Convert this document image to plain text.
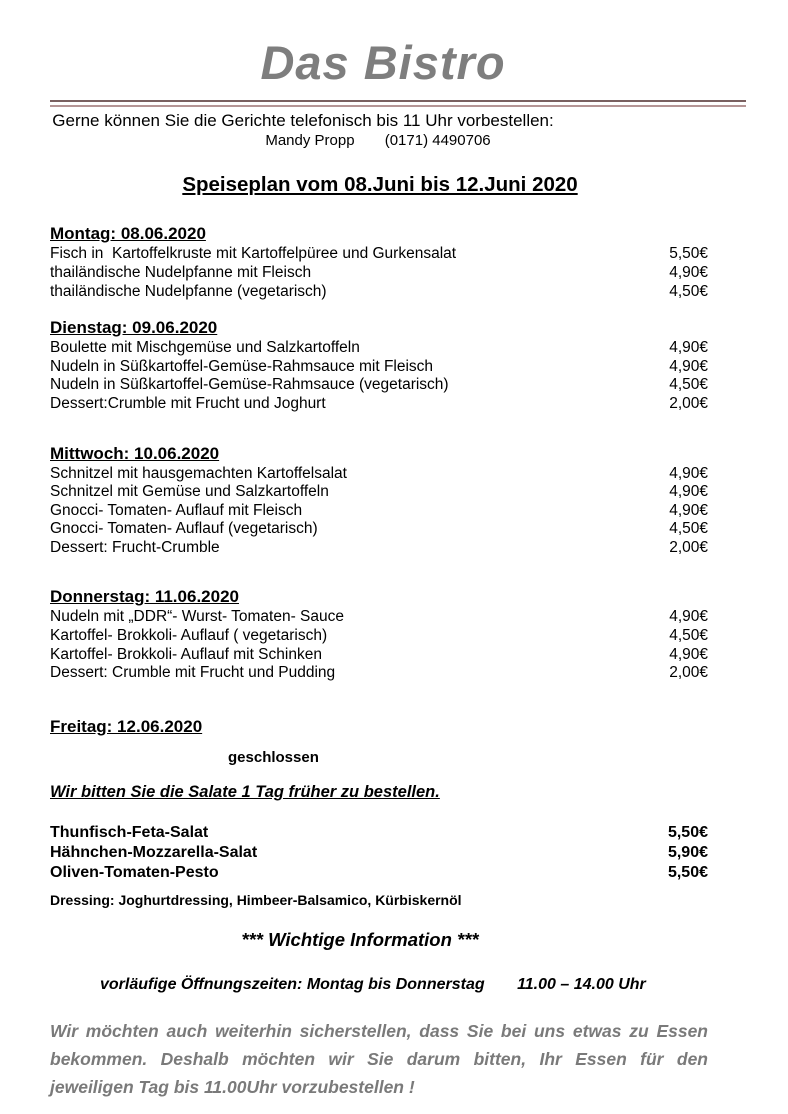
Das Bistro
Gerne können Sie die Gerichte telefonisch bis 11 Uhr vorbestellen:
Mandy Propp (0171) 4490706
Speiseplan vom 08.Juni bis 12.Juni 2020
Montag: 08.06.2020
Fisch in  Kartoffelkruste mit Kartoffelpüree und Gurkensalat	5,50€
thailändische Nudelpfanne mit Fleisch	4,90€
thailändische Nudelpfanne (vegetarisch)	4,50€
Dienstag: 09.06.2020
Boulette mit Mischgemüse und Salzkartoffeln	4,90€
Nudeln in Süßkartoffel-Gemüse-Rahmsauce mit Fleisch	4,90€
Nudeln in Süßkartoffel-Gemüse-Rahmsauce (vegetarisch)	4,50€
Dessert:Crumble mit Frucht und Joghurt	2,00€
Mittwoch: 10.06.2020
Schnitzel mit hausgemachten Kartoffelsalat	4,90€
Schnitzel mit Gemüse und Salzkartoffeln	4,90€
Gnocci- Tomaten- Auflauf mit Fleisch	4,90€
Gnocci- Tomaten- Auflauf (vegetarisch)	4,50€
Dessert: Frucht-Crumble	2,00€
Donnerstag: 11.06.2020
Nudeln mit „DDR“- Wurst- Tomaten- Sauce	4,90€
Kartoffel- Brokkoli- Auflauf ( vegetarisch)	4,50€
Kartoffel- Brokkoli- Auflauf mit Schinken	4,90€
Dessert: Crumble mit Frucht und Pudding	2,00€
Freitag: 12.06.2020
geschlossen
Wir bitten Sie die Salate 1 Tag früher zu bestellen.
Thunfisch-Feta-Salat	5,50€
Hähnchen-Mozzarella-Salat	5,90€
Oliven-Tomaten-Pesto	5,50€
Dressing: Joghurtdressing, Himbeer-Balsamico, Kürbiskernöl
*** Wichtige Information ***
vorläufige Öffnungszeiten: Montag bis Donnerstag 11.00 – 14.00 Uhr
Wir möchten auch weiterhin sicherstellen, dass Sie bei uns etwas zu Essen bekommen. Deshalb möchten wir Sie darum bitten, Ihr Essen für den jeweiligen Tag bis 11.00Uhr vorzubestellen !
